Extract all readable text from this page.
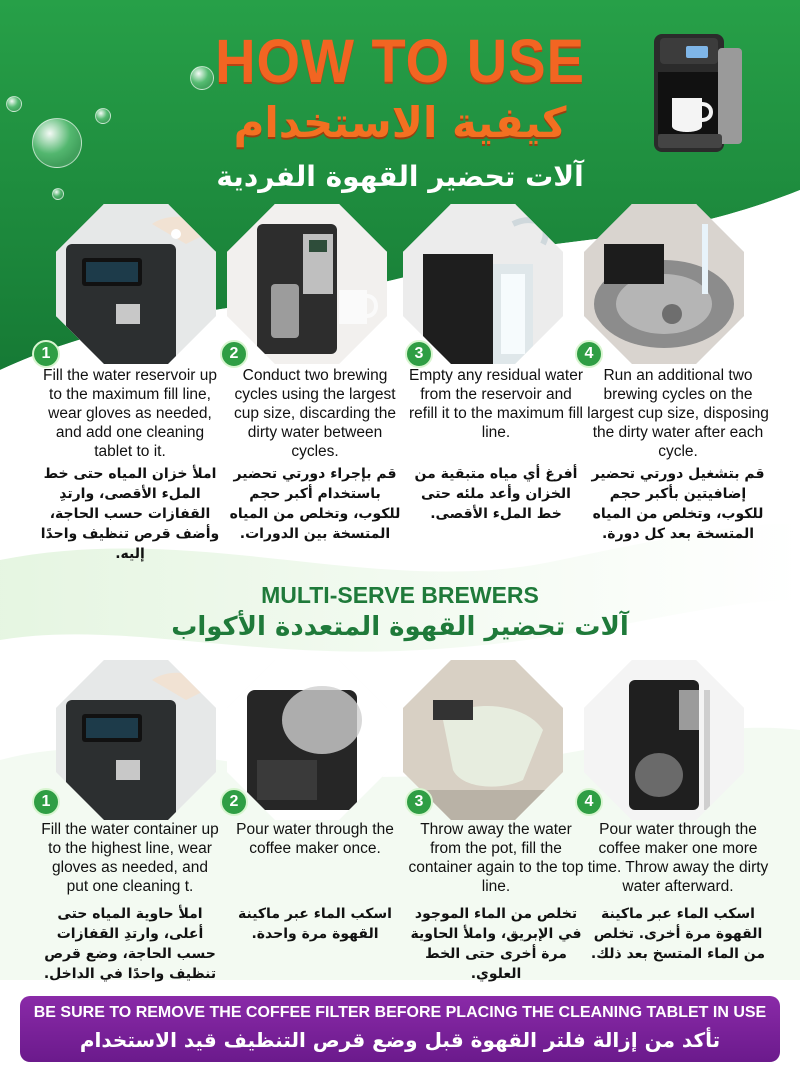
HOW TO USE
كيفية الاستخدام
آلات تحضير القهوة الفردية
1	2	3	4
Fill the water reservoir up to the maximum fill line, wear gloves as needed, and add one cleaning tablet to it.
Conduct two brewing cycles using the largest cup size, discarding the dirty water between cycles.
Empty any residual water from the reservoir and refill it to the maximum fill line.
Run an additional two brewing cycles on the largest cup size, disposing the dirty water after each cycle.
املأ خزان المياه حتى خط الملء الأقصى، وارتدِ القفازات حسب الحاجة، وأضف قرص تنظيف واحدًا إليه.
قم بإجراء دورتي تحضير باستخدام أكبر حجم للكوب، وتخلص من المياه المتسخة بين الدورات.
أفرغ أي مياه متبقية من الخزان وأعد ملئه حتى خط الملء الأقصى.
قم بتشغيل دورتي تحضير إضافيتين بأكبر حجم للكوب، وتخلص من المياه المتسخة بعد كل دورة.
MULTI-SERVE BREWERS
آلات تحضير القهوة المتعددة الأكواب
1	2	3	4
Fill the water container up to the highest line, wear gloves as needed, and put one cleaning t.
Pour water through the coffee maker once.
Throw away the water from the pot, fill the container again to the top line.
Pour water through the coffee maker one more time. Throw away the dirty water afterward.
املأ حاوية المياه حتى أعلى، وارتدِ القفازات حسب الحاجة، وضع قرص تنظيف واحدًا في الداخل.
اسكب الماء عبر ماكينة القهوة مرة واحدة.
تخلص من الماء الموجود في الإبريق، واملأ الحاوية مرة أخرى حتى الخط العلوي.
اسكب الماء عبر ماكينة القهوة مرة أخرى. تخلص من الماء المتسخ بعد ذلك.
BE SURE TO REMOVE THE COFFEE FILTER BEFORE PLACING THE CLEANING TABLET IN USE
تأكد من إزالة فلتر القهوة قبل وضع قرص التنظيف قيد الاستخدام
